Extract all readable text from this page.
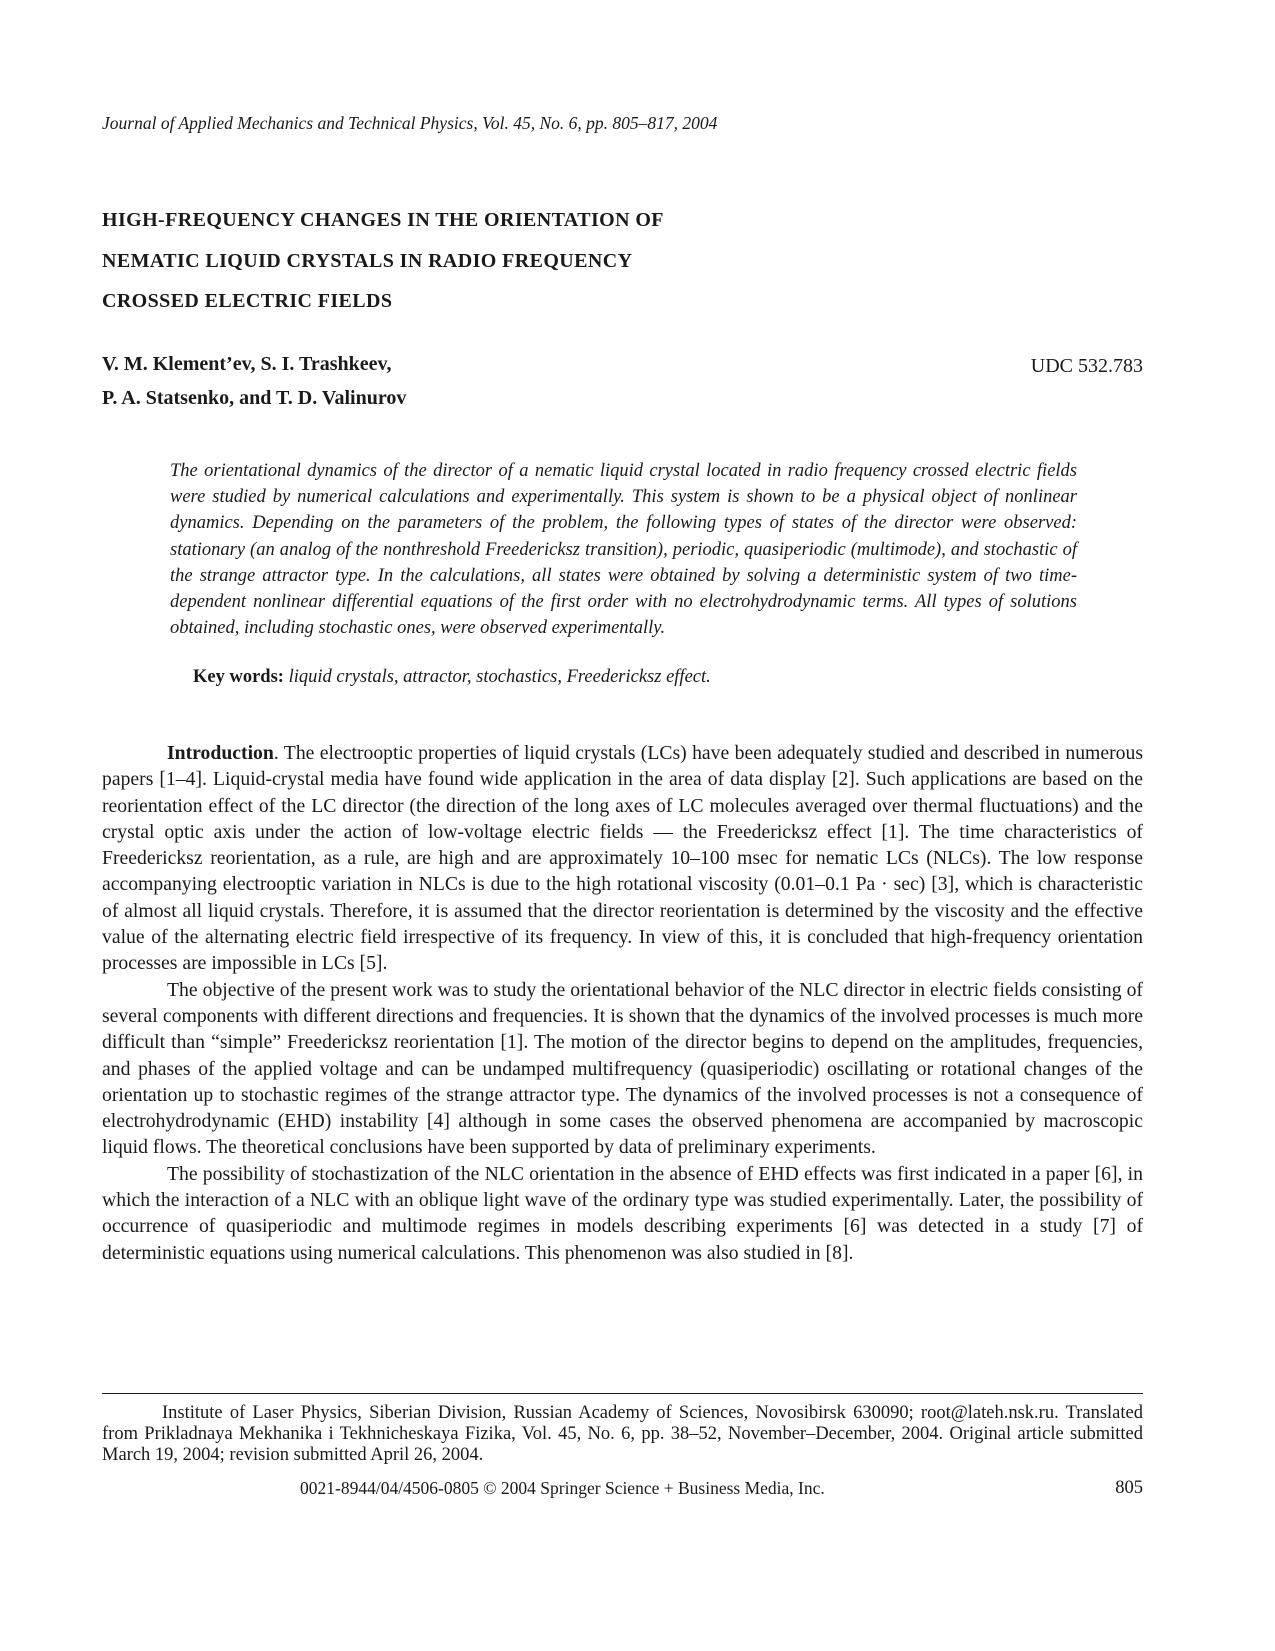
Journal of Applied Mechanics and Technical Physics, Vol. 45, No. 6, pp. 805–817, 2004
HIGH-FREQUENCY CHANGES IN THE ORIENTATION OF
NEMATIC LIQUID CRYSTALS IN RADIO FREQUENCY
CROSSED ELECTRIC FIELDS
V. M. Klement’ev, S. I. Trashkeev,
P. A. Statsenko, and T. D. Valinurov
UDC 532.783

The orientational dynamics of the director of a nematic liquid crystal located in radio frequency crossed electric fields were studied by numerical calculations and experimentally. This system is shown to be a physical object of nonlinear dynamics. Depending on the parameters of the problem, the following types of states of the director were observed: stationary (an analog of the nonthreshold Freedericksz transition), periodic, quasiperiodic (multimode), and stochastic of the strange attractor type. In the calculations, all states were obtained by solving a deterministic system of two time-dependent nonlinear differential equations of the first order with no electrohydrodynamic terms. All types of solutions obtained, including stochastic ones, were observed experimentally.

Key words: liquid crystals, attractor, stochastics, Freedericksz effect.

Introduction. The electrooptic properties of liquid crystals (LCs) have been adequately studied and described in numerous papers [1–4]. Liquid-crystal media have found wide application in the area of data display [2]. Such applications are based on the reorientation effect of the LC director (the direction of the long axes of LC molecules averaged over thermal fluctuations) and the crystal optic axis under the action of low-voltage electric fields — the Freedericksz effect [1]. The time characteristics of Freedericksz reorientation, as a rule, are high and are approximately 10–100 msec for nematic LCs (NLCs). The low response accompanying electrooptic variation in NLCs is due to the high rotational viscosity (0.01–0.1 Pa · sec) [3], which is characteristic of almost all liquid crystals. Therefore, it is assumed that the director reorientation is determined by the viscosity and the effective value of the alternating electric field irrespective of its frequency. In view of this, it is concluded that high-frequency orientation processes are impossible in LCs [5].

The objective of the present work was to study the orientational behavior of the NLC director in electric fields consisting of several components with different directions and frequencies. It is shown that the dynamics of the involved processes is much more difficult than “simple” Freedericksz reorientation [1]. The motion of the director begins to depend on the amplitudes, frequencies, and phases of the applied voltage and can be undamped multifrequency (quasiperiodic) oscillating or rotational changes of the orientation up to stochastic regimes of the strange attractor type. The dynamics of the involved processes is not a consequence of electrohydrodynamic (EHD) instability [4] although in some cases the observed phenomena are accompanied by macroscopic liquid flows. The theoretical conclusions have been supported by data of preliminary experiments.

The possibility of stochastization of the NLC orientation in the absence of EHD effects was first indicated in a paper [6], in which the interaction of a NLC with an oblique light wave of the ordinary type was studied experimentally. Later, the possibility of occurrence of quasiperiodic and multimode regimes in models describing experiments [6] was detected in a study [7] of deterministic equations using numerical calculations. This phenomenon was also studied in [8].

Institute of Laser Physics, Siberian Division, Russian Academy of Sciences, Novosibirsk 630090; root@lateh.nsk.ru. Translated from Prikladnaya Mekhanika i Tekhnicheskaya Fizika, Vol. 45, No. 6, pp. 38–52, November–December, 2004. Original article submitted March 19, 2004; revision submitted April 26, 2004.

0021-8944/04/4506-0805 © 2004 Springer Science + Business Media, Inc.	805
